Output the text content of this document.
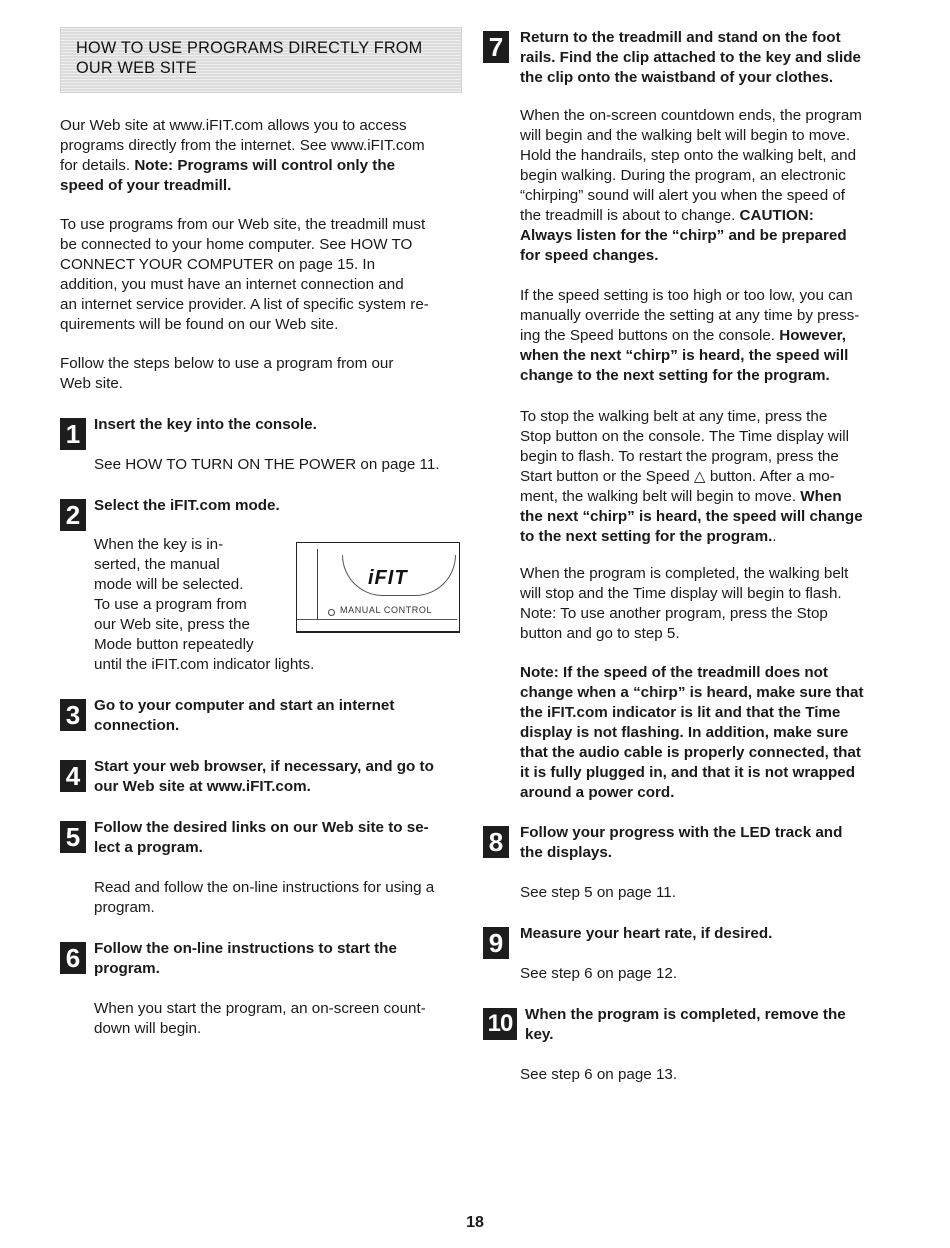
HOW TO USE PROGRAMS DIRECTLY FROM
OUR WEB SITE
Our Web site at www.iFIT.com allows you to access
programs directly from the internet. See www.iFIT.com
for details. Note: Programs will control only the
speed of your treadmill.
To use programs from our Web site, the treadmill must
be connected to your home computer. See HOW TO
CONNECT YOUR COMPUTER on page 15. In
addition, you must have an internet connection and
an internet service provider. A list of specific system re-
quirements will be found on our Web site.
Follow the steps below to use a program from our
Web site.
1 Insert the key into the console.
See HOW TO TURN ON THE POWER on page 11.
2 Select the iFIT.com mode.
When the key is in-
serted, the manual
mode will be selected.
To use a program from
our Web site, press the
Mode button repeatedly
until the iFIT.com indicator lights.
iFIT
MANUAL CONTROL
3 Go to your computer and start an internet
connection.
4 Start your web browser, if necessary, and go to
our Web site at www.iFIT.com.
5 Follow the desired links on our Web site to se-
lect a program.
Read and follow the on-line instructions for using a
program.
6 Follow the on-line instructions to start the
program.
When you start the program, an on-screen count-
down will begin.
7	Return to the treadmill and stand on the foot
rails. Find the clip attached to the key and slide
the clip onto the waistband of your clothes.
When the on-screen countdown ends, the program
will begin and the walking belt will begin to move.
Hold the handrails, step onto the walking belt, and
begin walking. During the program, an electronic
“chirping” sound will alert you when the speed of
the treadmill is about to change. CAUTION:
Always listen for the “chirp” and be prepared
for speed changes.
If the speed setting is too high or too low, you can
manually override the setting at any time by press-
ing the Speed buttons on the console. However,
when the next “chirp” is heard, the speed will
change to the next setting for the program.
To stop the walking belt at any time, press the
Stop button on the console. The Time display will
begin to flash. To restart the program, press the
Start button or the Speed △ button. After a mo-
ment, the walking belt will begin to move. When
the next “chirp” is heard, the speed will change
to the next setting for the program..
When the program is completed, the walking belt
will stop and the Time display will begin to flash.
Note: To use another program, press the Stop
button and go to step 5.
Note: If the speed of the treadmill does not
change when a “chirp” is heard, make sure that
the iFIT.com indicator is lit and that the Time
display is not flashing. In addition, make sure
that the audio cable is properly connected, that
it is fully plugged in, and that it is not wrapped
around a power cord.
8	Follow your progress with the LED track and
the displays.
See step 5 on page 11.
9	Measure your heart rate, if desired.
See step 6 on page 12.
10 When the program is completed, remove the
key.
See step 6 on page 13.
18
